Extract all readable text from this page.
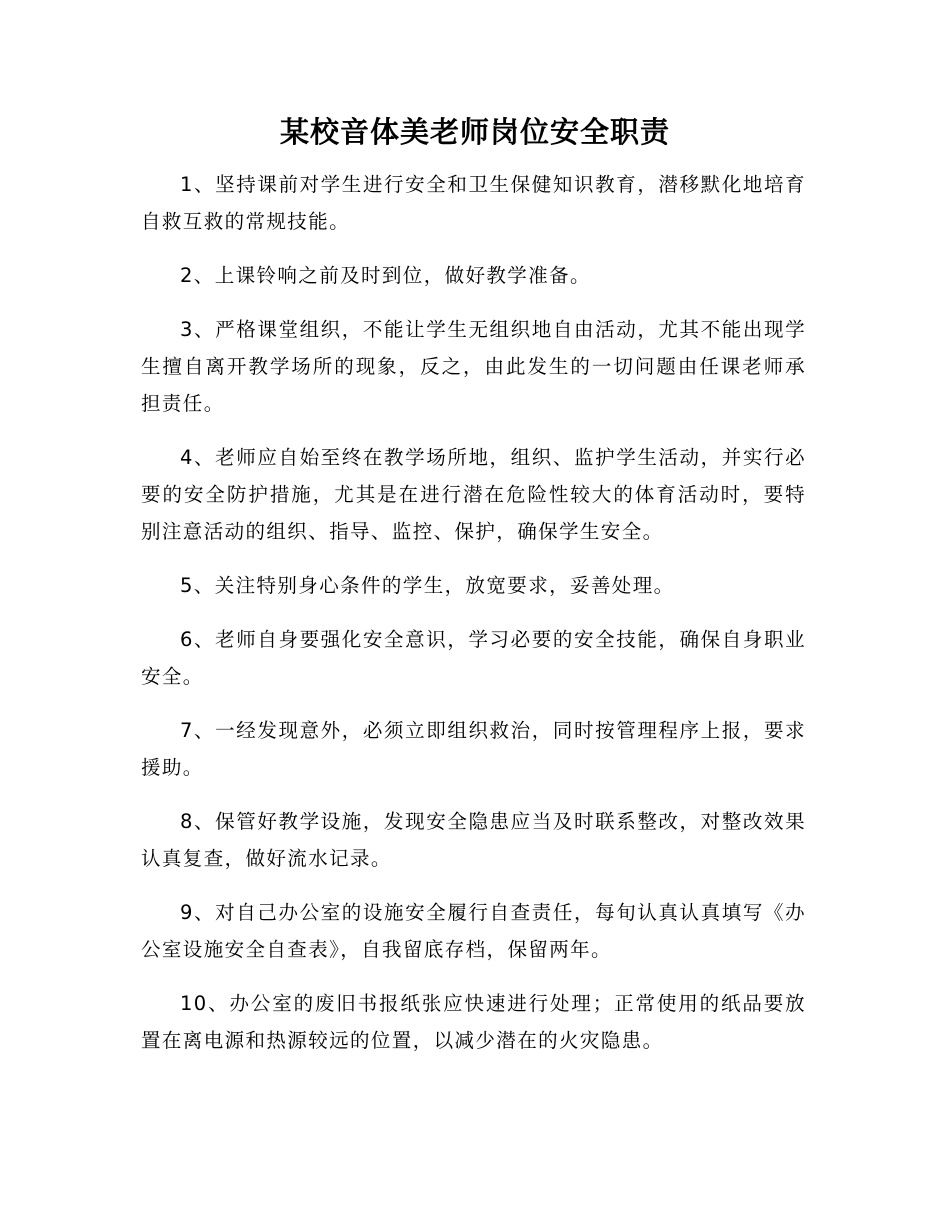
某校音体美老师岗位安全职责

1、坚持课前对学生进行安全和卫生保健知识教育，潜移默化地培育自救互救的常规技能。

2、上课铃响之前及时到位，做好教学准备。

3、严格课堂组织，不能让学生无组织地自由活动，尤其不能出现学生擅自离开教学场所的现象，反之，由此发生的一切问题由任课老师承担责任。

4、老师应自始至终在教学场所地，组织、监护学生活动，并实行必要的安全防护措施，尤其是在进行潜在危险性较大的体育活动时，要特别注意活动的组织、指导、监控、保护，确保学生安全。

5、关注特别身心条件的学生，放宽要求，妥善处理。

6、老师自身要强化安全意识，学习必要的安全技能，确保自身职业安全。

7、一经发现意外，必须立即组织救治，同时按管理程序上报，要求援助。

8、保管好教学设施，发现安全隐患应当及时联系整改，对整改效果认真复查，做好流水记录。

9、对自己办公室的设施安全履行自查责任，每旬认真认真填写《办公室设施安全自查表》，自我留底存档，保留两年。

10、办公室的废旧书报纸张应快速进行处理；正常使用的纸品要放置在离电源和热源较远的位置，以减少潜在的火灾隐患。
